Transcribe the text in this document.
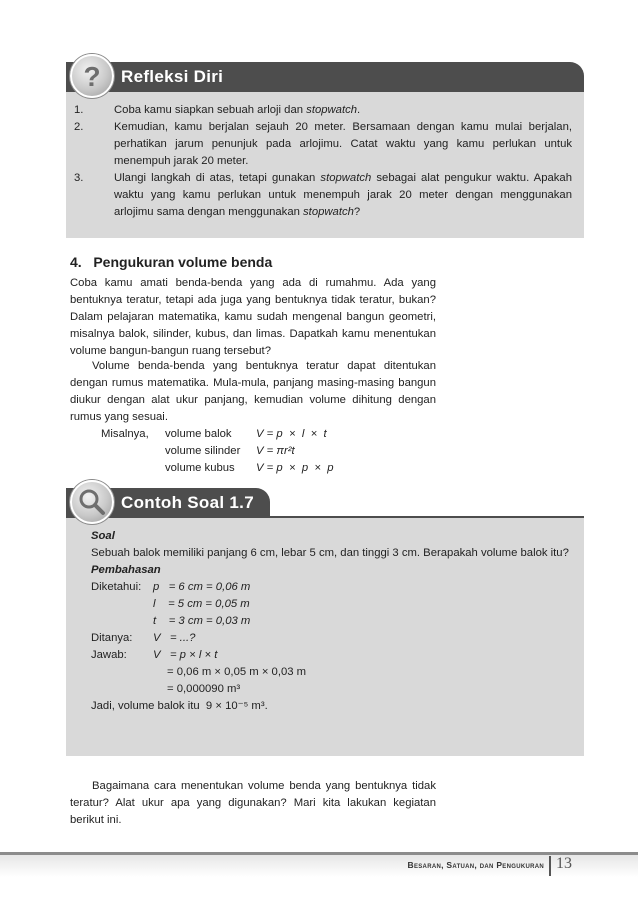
? Refleksi Diri
1.	Coba kamu siapkan sebuah arloji dan stopwatch.
2.	Kemudian, kamu berjalan sejauh 20 meter. Bersamaan dengan kamu mulai berjalan, perhatikan jarum penunjuk pada arlojimu. Catat waktu yang kamu perlukan untuk menempuh jarak 20 meter.
3.	Ulangi langkah di atas, tetapi gunakan stopwatch sebagai alat pengukur waktu. Apakah waktu yang kamu perlukan untuk menempuh jarak 20 meter dengan menggunakan arlojimu sama dengan menggunakan stopwatch?
4.   Pengukuran volume benda

Coba kamu amati benda-benda yang ada di rumahmu. Ada yang bentuknya teratur, tetapi ada juga yang bentuknya tidak teratur, bukan? Dalam pelajaran matematika, kamu sudah mengenal bangun geometri, misalnya balok, silinder, kubus, dan limas. Dapatkah kamu menentukan volume bangun-bangun ruang tersebut?

Volume benda-benda yang bentuknya teratur dapat ditentukan dengan rumus matematika. Mula-mula, panjang masing-masing bangun diukur dengan alat ukur panjang, kemudian volume dihitung dengan rumus yang sesuai.

Misalnya, volume balok V = p  ×  l  ×  t
volume silinder V = πr²t
volume kubus V = p  ×  p  ×  p
Contoh Soal 1.7
Soal
Sebuah balok memiliki panjang 6 cm, lebar 5 cm, dan tinggi 3 cm. Berapakah volume balok itu?
Pembahasan
Diketahui: p   = 6 cm = 0,06 m
l    = 5 cm = 0,05 m
t    = 3 cm = 0,03 m
Ditanya: V   = ...?
Jawab: V   = p × l × t
= 0,06 m × 0,05 m × 0,03 m
= 0,000090 m³
Jadi, volume balok itu  9 × 10⁻⁵ m³.

Bagaimana cara menentukan volume benda yang bentuknya tidak teratur? Alat ukur apa yang digunakan? Mari kita lakukan kegiatan berikut ini.

Besaran, Satuan, dan Pengukuran 13
